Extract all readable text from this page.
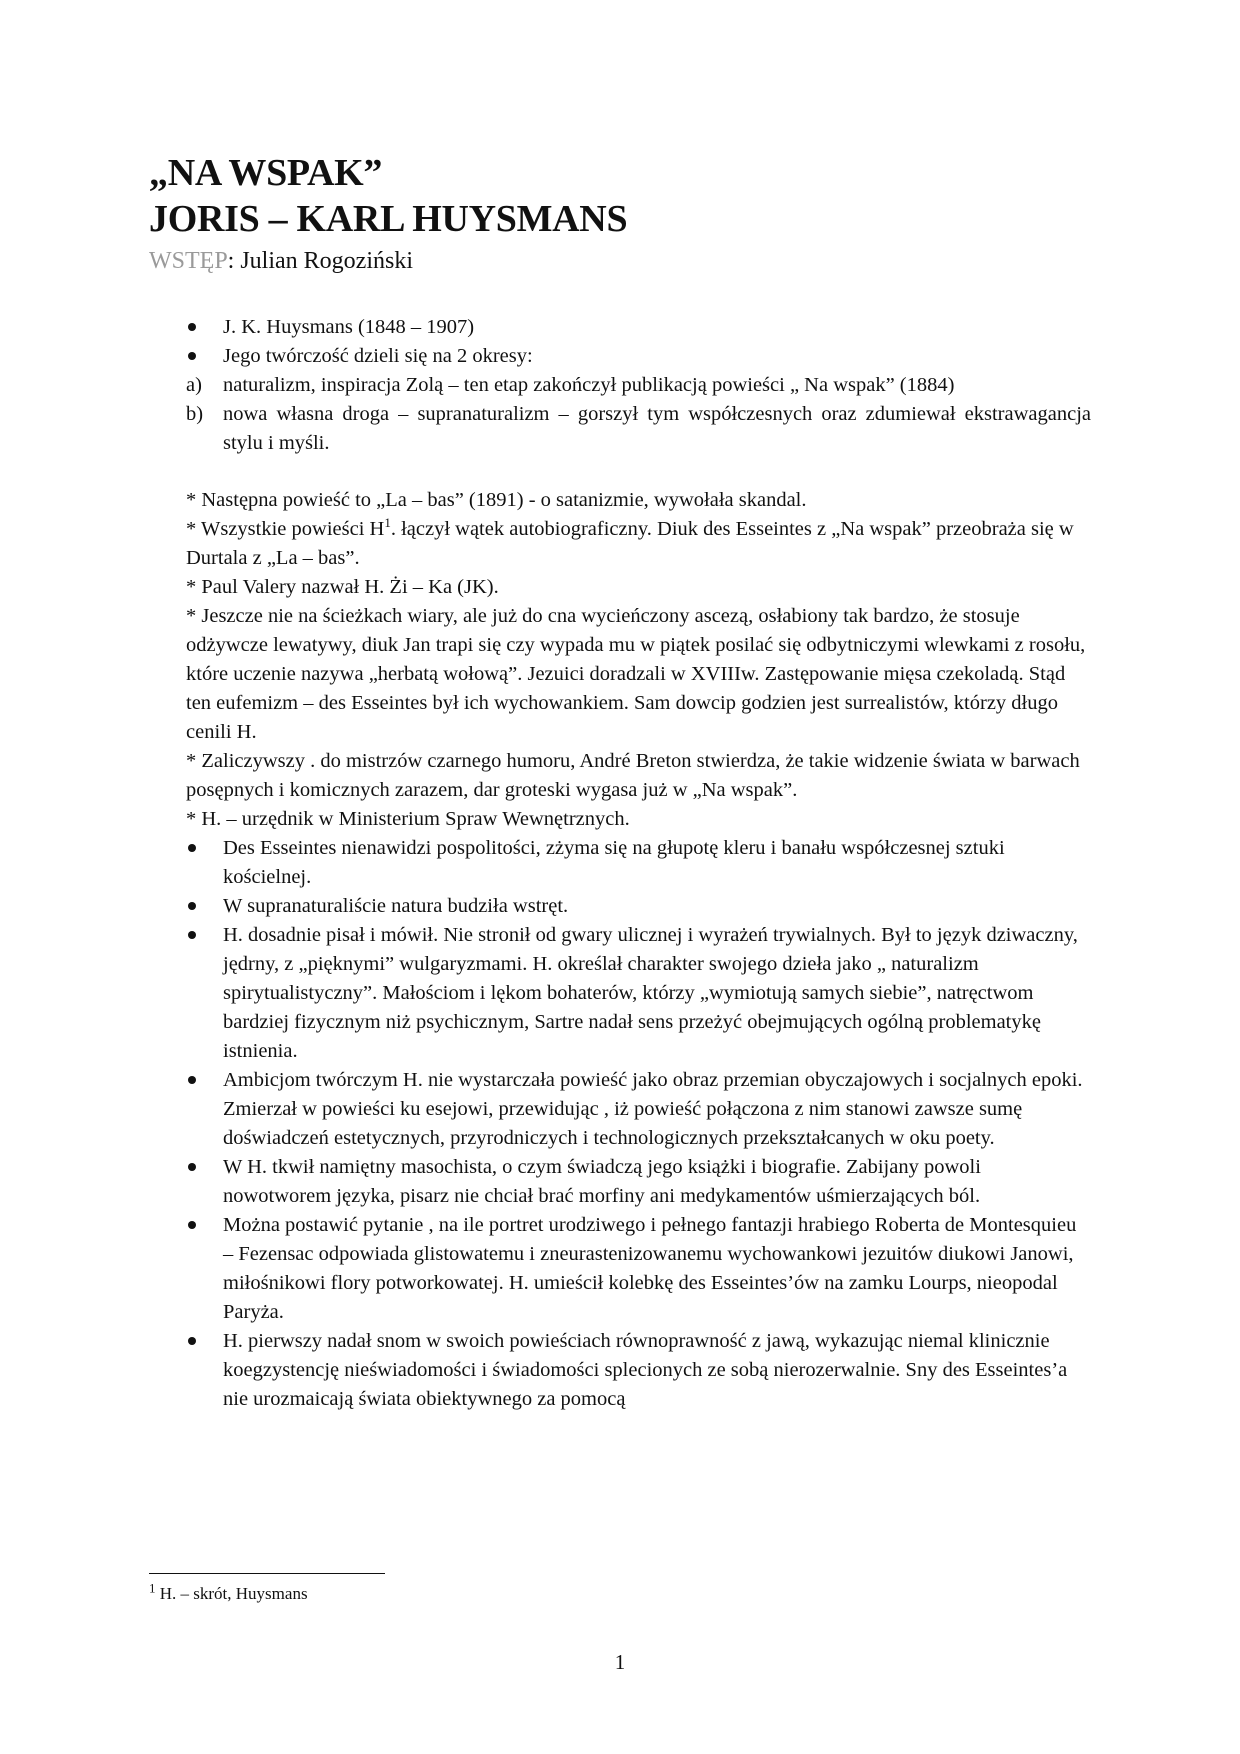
„NA WSPAK”
JORIS – KARL HUYSMANS
WSTĘP: Julian Rogoziński
J. K. Huysmans (1848 – 1907)
Jego twórczość dzieli się na 2 okresy:
a) naturalizm, inspiracja Zolą – ten etap zakończył publikacją powieści „ Na wspak” (1884)
b) nowa własna droga – supranaturalizm – gorszył tym współczesnych oraz zdumiewał ekstrawagancja stylu i myśli.
* Następna powieść to „La – bas” (1891) - o satanizmie, wywołała skandal.
* Wszystkie powieści $H^1$. łączył wątek autobiograficzny. Diuk des Esseintes z „Na wspak” przeobraża się w Durtala z „La – bas”.
* Paul Valery nazwał H. Żi – Ka (JK).
* Jeszcze nie na ścieżkach wiary, ale już do cna wycieńczony ascezą, osłabiony tak bardzo, że stosuje odżywcze lewatywy, diuk Jan trapi się czy wypada mu w piątek posilać się odbytniczymi wlewkami z rosołu, które uczenie nazywa „herbatą wołową”. Jezuici doradzali w XVIIIw. Zastępowanie mięsa czekoladą. Stąd ten eufemizm – des Esseintes był ich wychowankiem. Sam dowcip godzien jest surrealistów, którzy długo cenili H.
* Zaliczywszy . do mistrzów czarnego humoru, André Breton stwierdza, że takie widzenie świata w barwach posępnych i komicznych zarazem, dar groteski wygasa już w „Na wspak”.
* H. – urzędnik w Ministerium Spraw Wewnętrznych.
Des Esseintes nienawidzi pospolitości, zżyma się na głupotę kleru i banału współczesnej sztuki kościelnej.
W supranaturaliście natura budziła wstręt.
H. dosadnie pisał i mówił. Nie stronił od gwary ulicznej i wyrażeń trywialnych. Był to język dziwaczny, jędrny, z „pięknymi” wulgaryzmami. H. określał charakter swojego dzieła jako „ naturalizm spirytualistyczny”. Małościom i lękom bohaterów, którzy „wymiotują samych siebie”, natręctwom bardziej fizycznym niż psychicznym, Sartre nadał sens przeżyć obejmujących ogólną problematykę istnienia.
Ambicjom twórczym H. nie wystarczała powieść jako obraz przemian obyczajowych i socjalnych epoki. Zmierzał w powieści ku esejowi, przewidując , iż powieść połączona z nim stanowi zawsze sumę doświadczeń estetycznych, przyrodniczych i technologicznych przekształcanych w oku poety.
W H. tkwił namiętny masochista, o czym świadczą jego książki i biografie. Zabijany powoli nowotworem języka, pisarz nie chciał brać morfiny ani medykamentów uśmierzających ból.
Można postawić pytanie , na ile portret urodziwego i pełnego fantazji hrabiego Roberta de Montesquieu – Fezensac odpowiada glistowatemu i zneurastenizowanemu wychowankowi jezuitów diukowi Janowi, miłośnikowi flory potworkowatej. H. umieścił kolebkę des Esseintes’ów na zamku Lourps, nieopodal Paryża.
H. pierwszy nadał snom w swoich powieściach równoprawność z jawą, wykazując niemal klinicznie koegzystencję nieświadomości i świadomości splecionych ze sobą nierozerwalnie. Sny des Esseintes’a nie urozmaicają świata obiektywnego za pomocą
$^1$ H. – skrót, Huysmans
1
